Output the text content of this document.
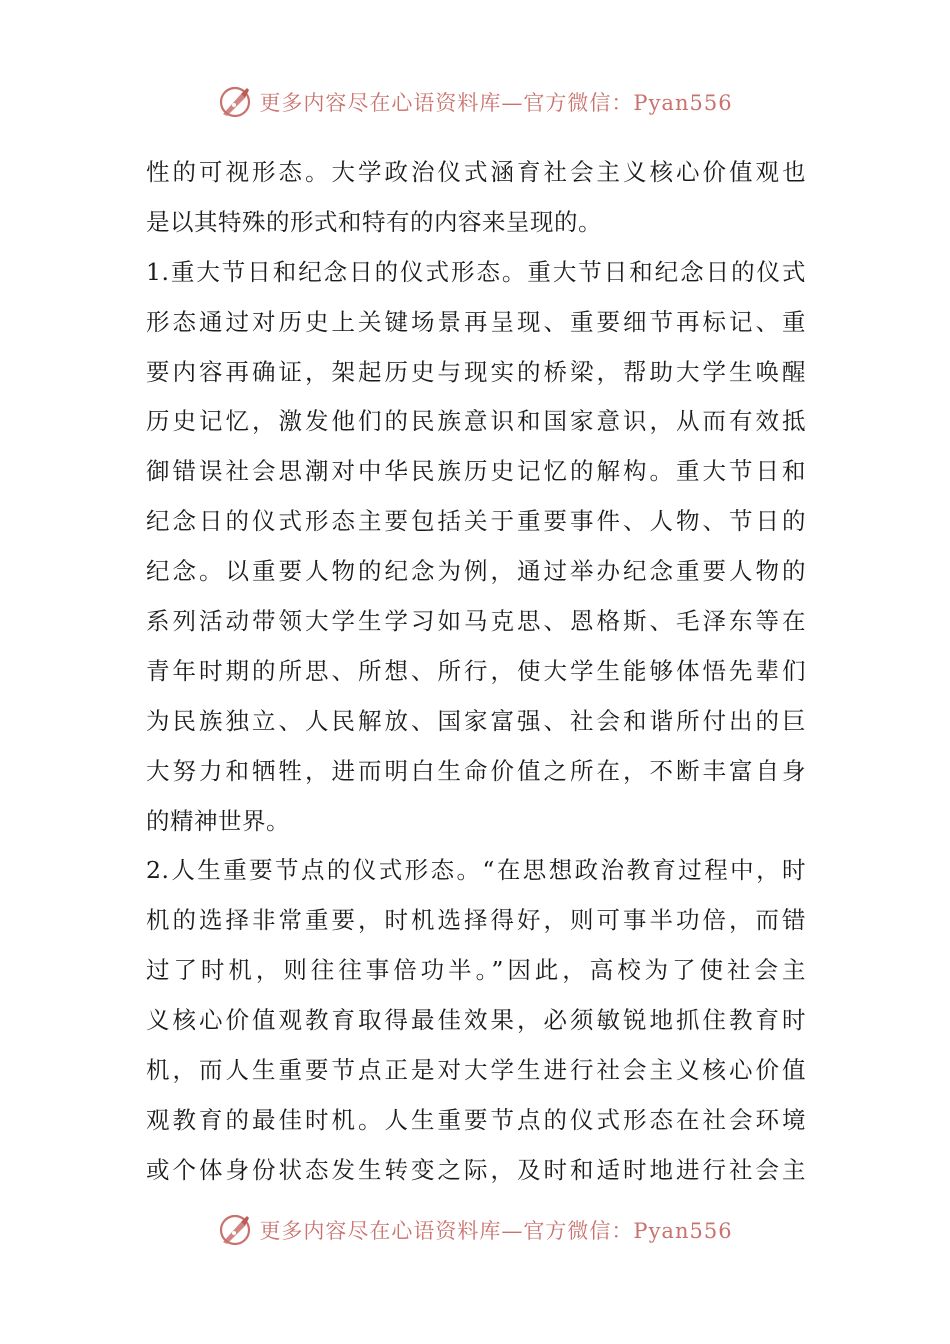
更多内容尽在心语资料库—官方微信：Pyan556
性的可视形态。大学政治仪式涵育社会主义核心价值观也
是以其特殊的形式和特有的内容来呈现的。
1.重大节日和纪念日的仪式形态。重大节日和纪念日的仪式
形态通过对历史上关键场景再呈现、重要细节再标记、重
要内容再确证，架起历史与现实的桥梁，帮助大学生唤醒
历史记忆，激发他们的民族意识和国家意识，从而有效抵
御错误社会思潮对中华民族历史记忆的解构。重大节日和
纪念日的仪式形态主要包括关于重要事件、人物、节日的
纪念。以重要人物的纪念为例，通过举办纪念重要人物的
系列活动带领大学生学习如马克思、恩格斯、毛泽东等在
青年时期的所思、所想、所行，使大学生能够体悟先辈们
为民族独立、人民解放、国家富强、社会和谐所付出的巨
大努力和牺牲，进而明白生命价值之所在，不断丰富自身
的精神世界。
2.人生重要节点的仪式形态。“在思想政治教育过程中，时
机的选择非常重要，时机选择得好，则可事半功倍，而错
过了时机，则往往事倍功半。”因此，高校为了使社会主
义核心价值观教育取得最佳效果，必须敏锐地抓住教育时
机，而人生重要节点正是对大学生进行社会主义核心价值
观教育的最佳时机。人生重要节点的仪式形态在社会环境
或个体身份状态发生转变之际，及时和适时地进行社会主
更多内容尽在心语资料库—官方微信：Pyan556
